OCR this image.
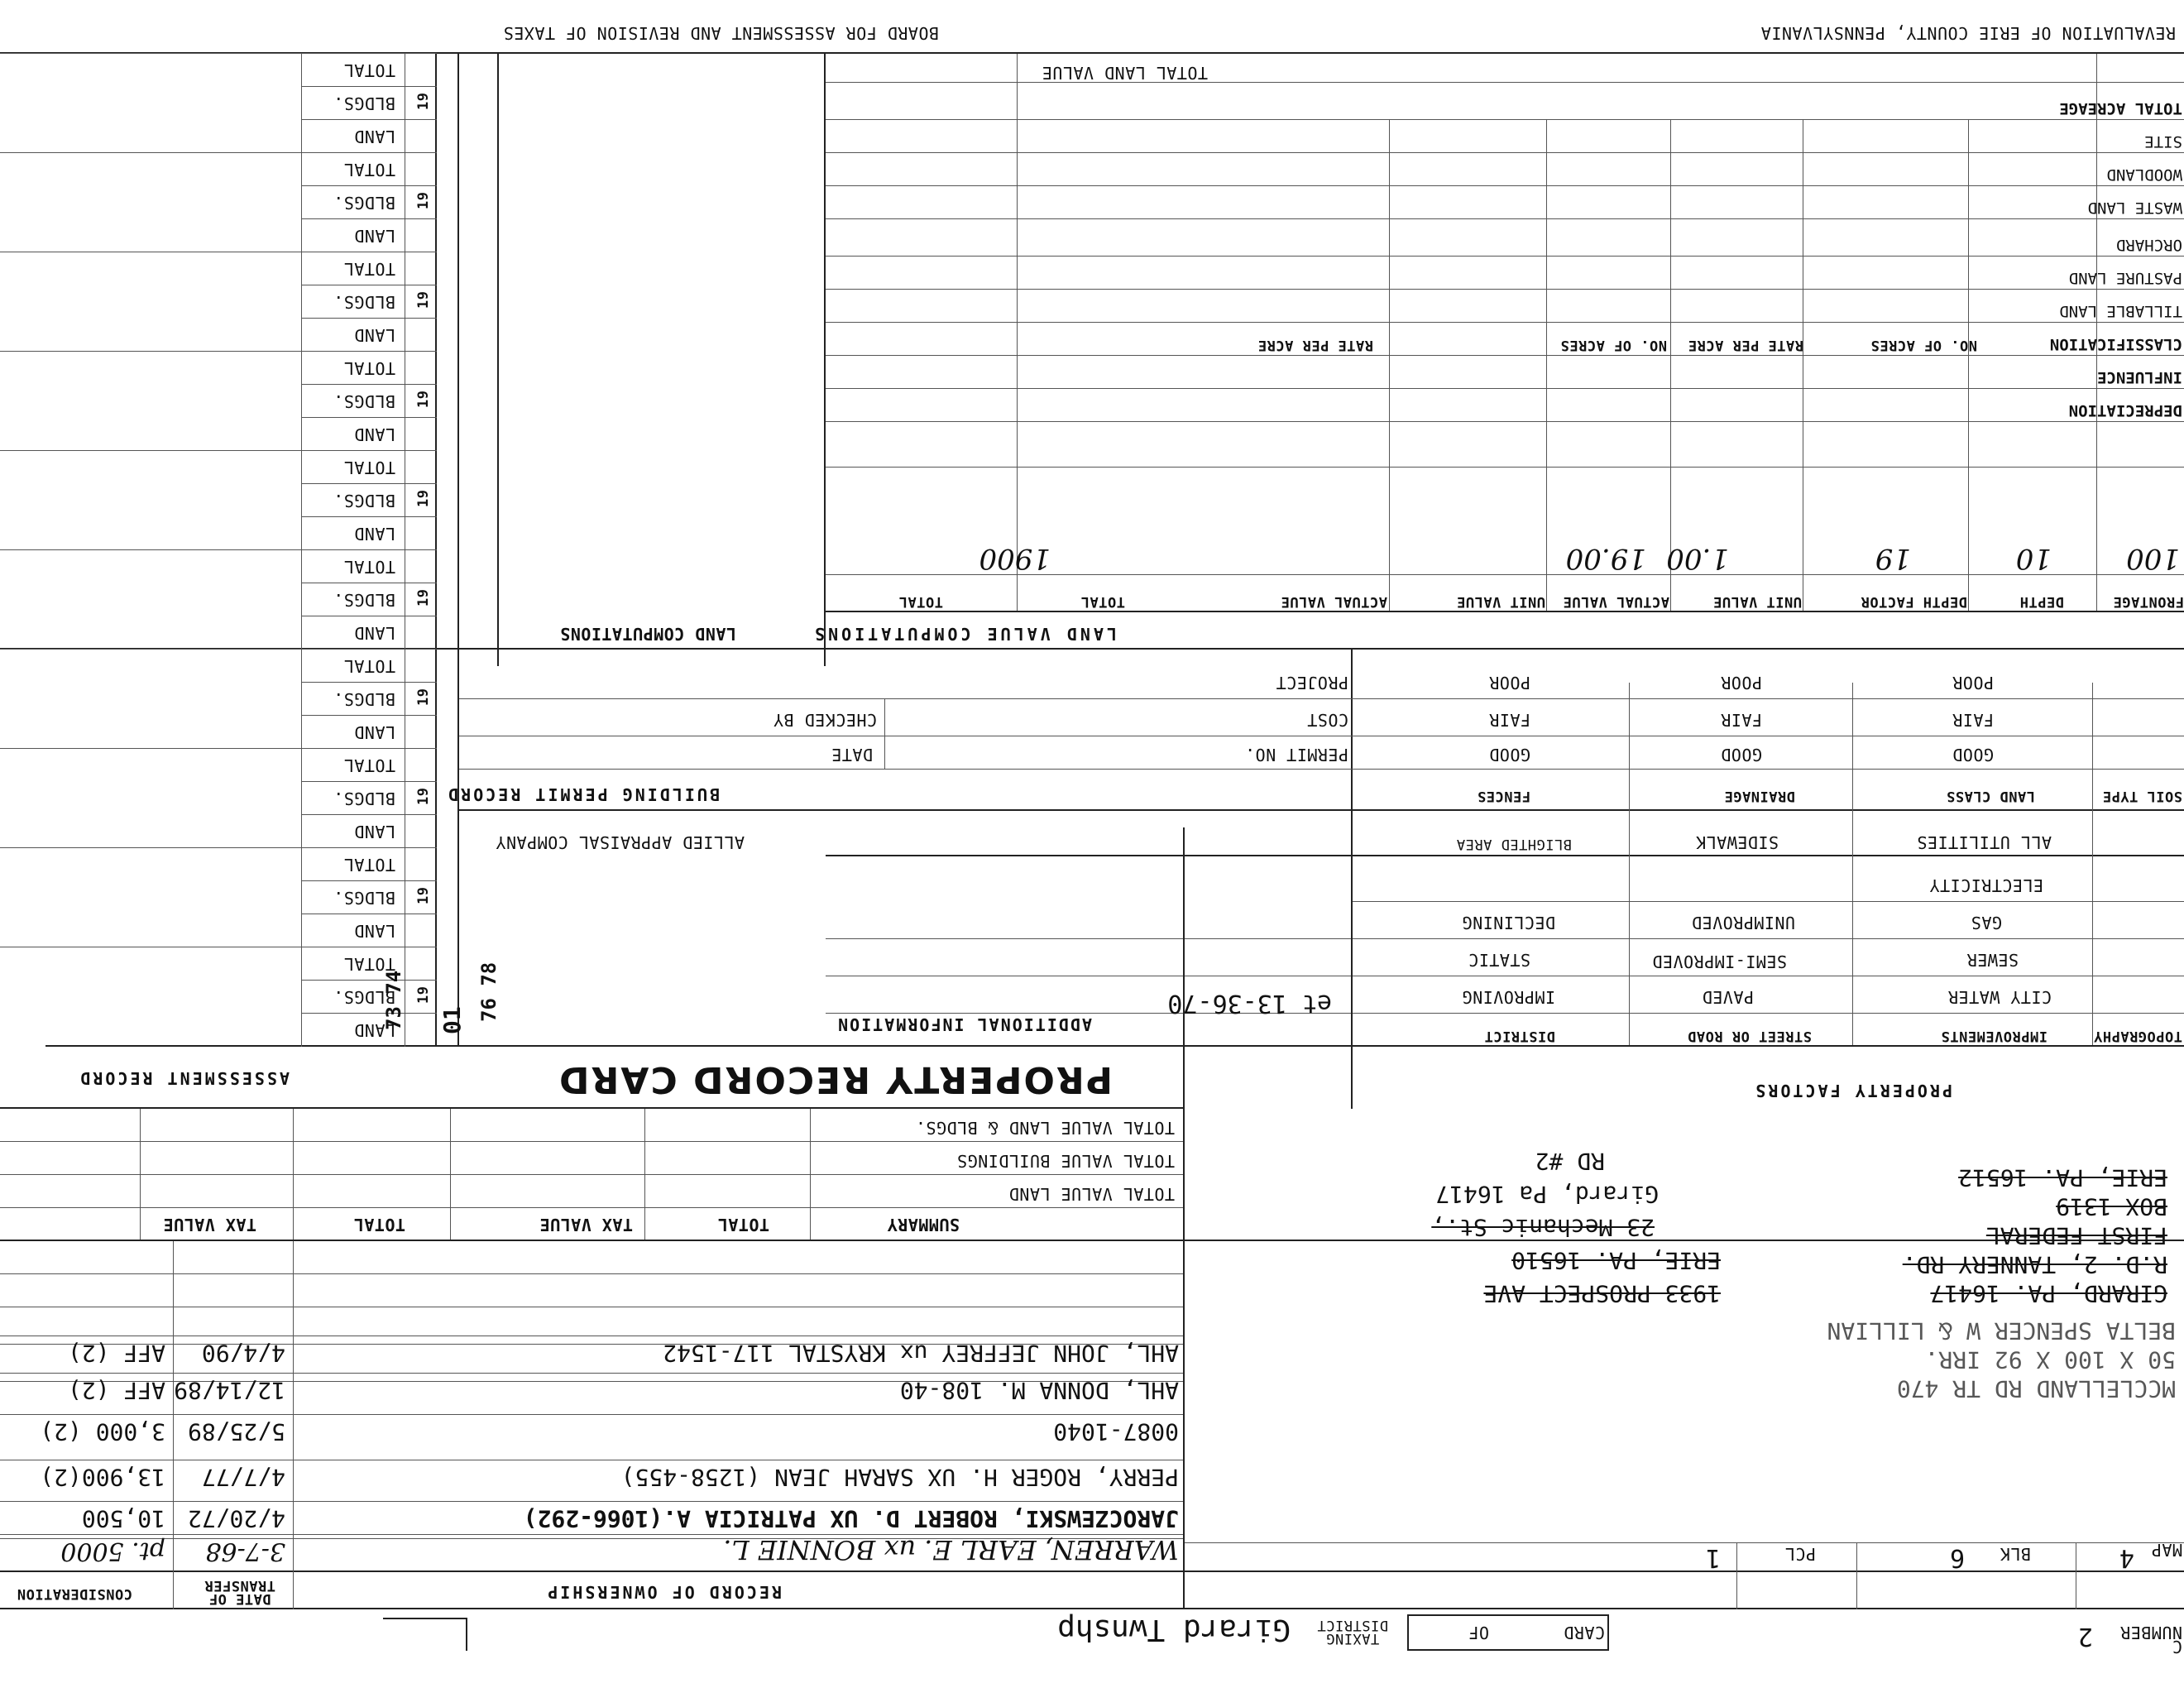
REVALUATION OF ERIE COUNTY, PENNSYLVANIA
BOARD FOR ASSESSMENT AND REVISION OF TAXES
TOTAL LAND VALUE
TOTAL ACREAGE
SITE
WOODLAND
WASTE LAND
ORCHARD
PASTURE LAND
TILLABLE LAND
CLASSIFICATION
INFLUENCE
DEPRECIATION
NO. OF ACRES
RATE PER ACRE
NO. OF ACRES
RATE PER ACRE
FRONTAGE
DEPTH
DEPTH FACTOR
UNIT VALUE
ACTUAL VALUE
UNIT VALUE
ACTUAL VALUE
TOTAL
TOTAL
LAND VALUE COMPUTATIONS
100
10
19
1.00
19.00
1900
PROPERTY FACTORS
TOPOGRAPHY
IMPROVEMENTS
STREET OR ROAD
DISTRICT
CITY WATER
SEWER
GAS
ELECTRICITY
ALL UTILITIES
PAVED
SEMI-IMPROVED
UNIMPROVED
SIDEWALK
IMPROVING
STATIC
DECLINING
BLIGHTED AREA
SOIL TYPE
LAND CLASS
DRAINAGE
FENCES
GOOD
FAIR
POOR
GOOD
FAIR
POOR
GOOD
FAIR
POOR
PERMIT NO.
COST
PROJECT
DATE
CHECKED BY
BUILDING PERMIT RECORD
ALLIED APPRAISAL COMPANY
et 13-36-70
ADDITIONAL INFORMATION
PROPERTY RECORD CARD
LAND COMPUTATIONS
ASSESSMENT RECORD
01
LAND
BLDGS.
TOTAL
19
LAND
BLDGS.
TOTAL
19
LAND
BLDGS.
TOTAL
19
LAND
BLDGS.
TOTAL
19
LAND
BLDGS.
TOTAL
19
LAND
BLDGS.
TOTAL
19
LAND
BLDGS.
TOTAL
19
LAND
BLDGS.
TOTAL
19
LAND
BLDGS.
TOTAL
19
LAND
BLDGS.
TOTAL
19
76 78
73 74
TOTAL VALUE LAND
TOTAL VALUE BUILDINGS
TOTAL VALUE LAND & BLDGS.
SUMMARY
TOTAL
TAX VALUE
TOTAL
TAX VALUE
RECORD OF OWNERSHIP
DATE OF TRANSFER
CONSIDERATION
WARREN, EARL E. ux BONNIE L.
3-7-68
pt. 5000
JAROCZEWSKI, ROBERT D. UX PATRICIA A.(1066-292)
4/20/72
10,500
PERRY, ROGER H. UX SARAH JEAN (1258-455)
4/7/77
13,900(2)
0087-1040
5/25/89
3,000 (2)
AHL, DONNA M. 108-40
12/14/89
AFF (2)
AHL, JOHN JEFFREY ux KRYSTAL 117-1542
4/4/90
AFF (2)
MAP
4
BLK
6
PCL
1
NUMBER
C
2
CARD
OF
TAXING DISTRICT
Girard Twnshp
MCCLELLAND RD TR 470
50 X 100 X 92 IRR.
BELTA SPENCER W & LILLIAN
GIRARD, PA. 16417
R.D. 2, TANNERY RD.
FIRST FEDERAL
BOX 1319
ERIE, PA. 16512
1933 PROSPECT AVE
ERIE, PA. 16510
23 Mechanic St.,
Girard, Pa 16417
RD #2
